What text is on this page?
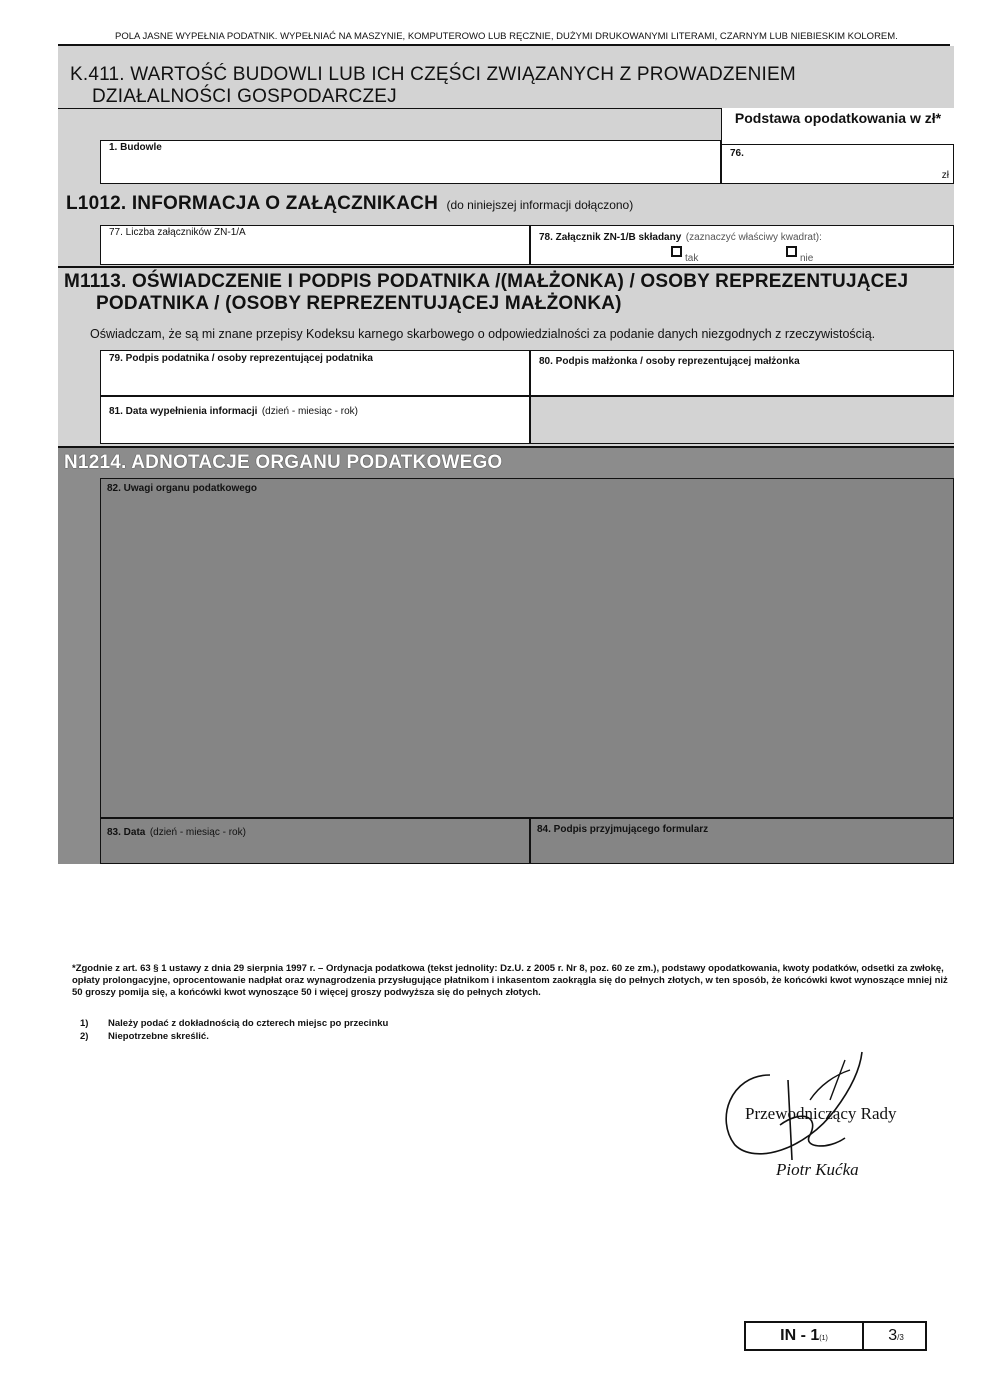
POLA JASNE WYPEŁNIA PODATNIK. WYPEŁNIAĆ NA MASZYNIE, KOMPUTEROWO LUB RĘCZNIE, DUŻYMI DRUKOWANYMI LITERAMI, CZARNYM LUB NIEBIESKIM KOLOREM.
K.411. WARTOŚĆ BUDOWLI LUB ICH CZĘŚCI ZWIĄZANYCH Z PROWADZENIEM
DZIAŁALNOŚCI GOSPODARCZEJ
Podstawa opodatkowania w zł*
1. Budowle
76.
zł
L1012. INFORMACJA O ZAŁĄCZNIKACH (do niniejszej informacji dołączono)
77. Liczba załączników ZN-1/A	78. Załącznik ZN-1/B składany (zaznaczyć właściwy kwadrat):
tak	nie
M1113. OŚWIADCZENIE I PODPIS PODATNIKA /(MAŁŻONKA) / OSOBY REPREZENTUJĄCEJ
PODATNIKA / (OSOBY REPREZENTUJĄCEJ MAŁŻONKA)
Oświadczam, że są mi znane przepisy Kodeksu karnego skarbowego o odpowiedzialności za podanie danych niezgodnych z rzeczywistością.
79. Podpis podatnika / osoby reprezentującej podatnika	80. Podpis małżonka / osoby reprezentującej małżonka
81. Data wypełnienia informacji (dzień - miesiąc - rok)
N1214. ADNOTACJE ORGANU PODATKOWEGO
82. Uwagi organu podatkowego
83. Data (dzień - miesiąc - rok)	84. Podpis przyjmującego formularz
*Zgodnie z art. 63 § 1 ustawy z dnia 29 sierpnia 1997 r. – Ordynacja podatkowa (tekst jednolity: Dz.U. z 2005 r. Nr 8, poz. 60 ze zm.), podstawy opodatkowania, kwoty podatków, odsetki za zwłokę, opłaty prolongacyjne, oprocentowanie nadpłat oraz wynagrodzenia przysługujące płatnikom i inkasentom zaokrągla się do pełnych złotych, w ten sposób, że końcówki kwot wynoszące mniej niż 50 groszy pomija się, a końcówki kwot wynoszące 50 i więcej groszy podwyższa się do pełnych złotych.
1) Należy podać z dokładnością do czterech miejsc po przecinku
2) Niepotrzebne skreślić.
Przewodniczący Rady
Piotr Kućka
IN - 1(1)	3/3
